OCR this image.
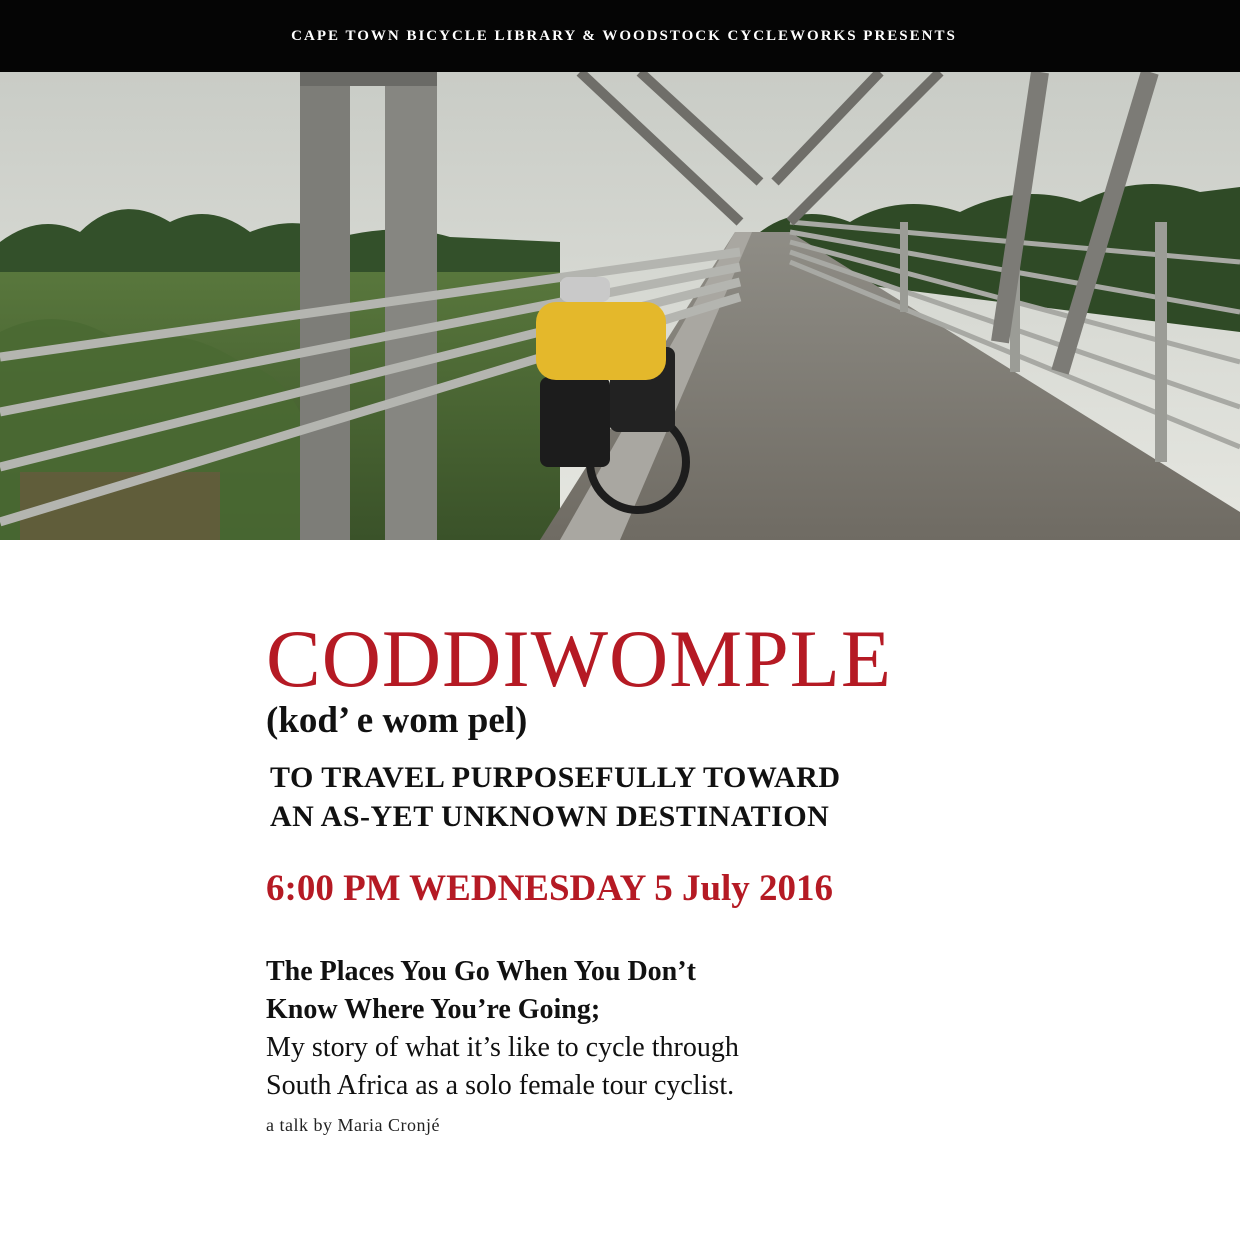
CAPE TOWN BICYCLE LIBRARY & WOODSTOCK CYCLEWORKS PRESENTS
CODDIWOMPLE
(kod’ e wom pel)
TO TRAVEL PURPOSEFULLY TOWARD
AN AS-YET UNKNOWN DESTINATION
6:00 PM WEDNESDAY 5 July 2016
The Places You Go When You Don’t
Know Where You’re Going;
My story of what it’s like to cycle through
South Africa as a solo female tour cyclist.
a talk by Maria Cronjé
